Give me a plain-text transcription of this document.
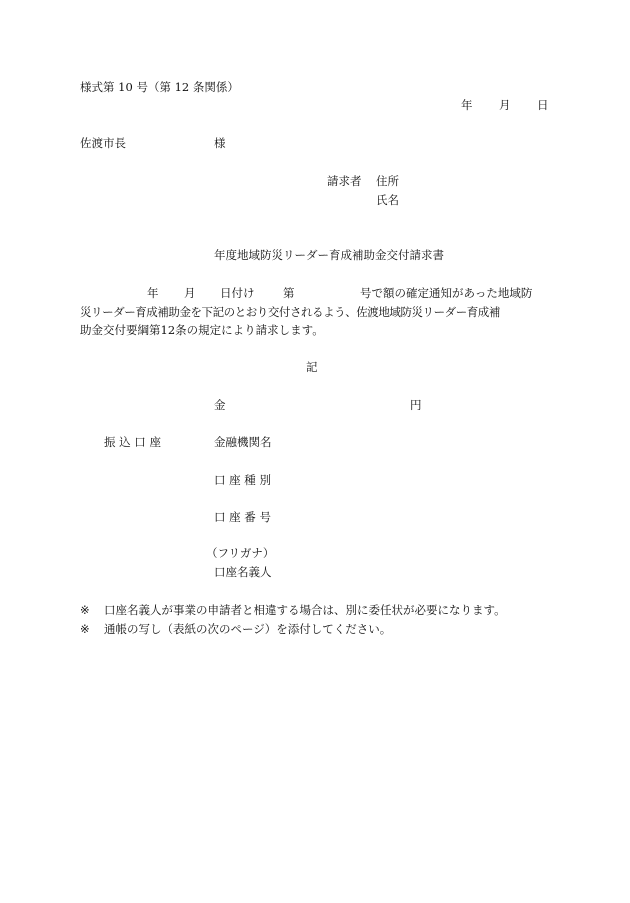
様式第 10 号（第 12 条関係）
年 月 日
佐渡市長	様
請求者 住所
氏名
年度地域防災リーダー育成補助金交付請求書
年 月 日付け 第	号で額の確定通知があった地域防
災リーダー育成補助金を下記のとおり交付されるよう、佐渡地域防災リーダー育成補
助金交付要綱第12条の規定により請求します。
記
金	円
振 込 口 座	金融機関名
口 座 種 別
口 座 番 号
（フリガナ）
口座名義人
※ 口座名義人が事業の申請者と相違する場合は、別に委任状が必要になります。
※ 通帳の写し（表紙の次のページ）を添付してください。
